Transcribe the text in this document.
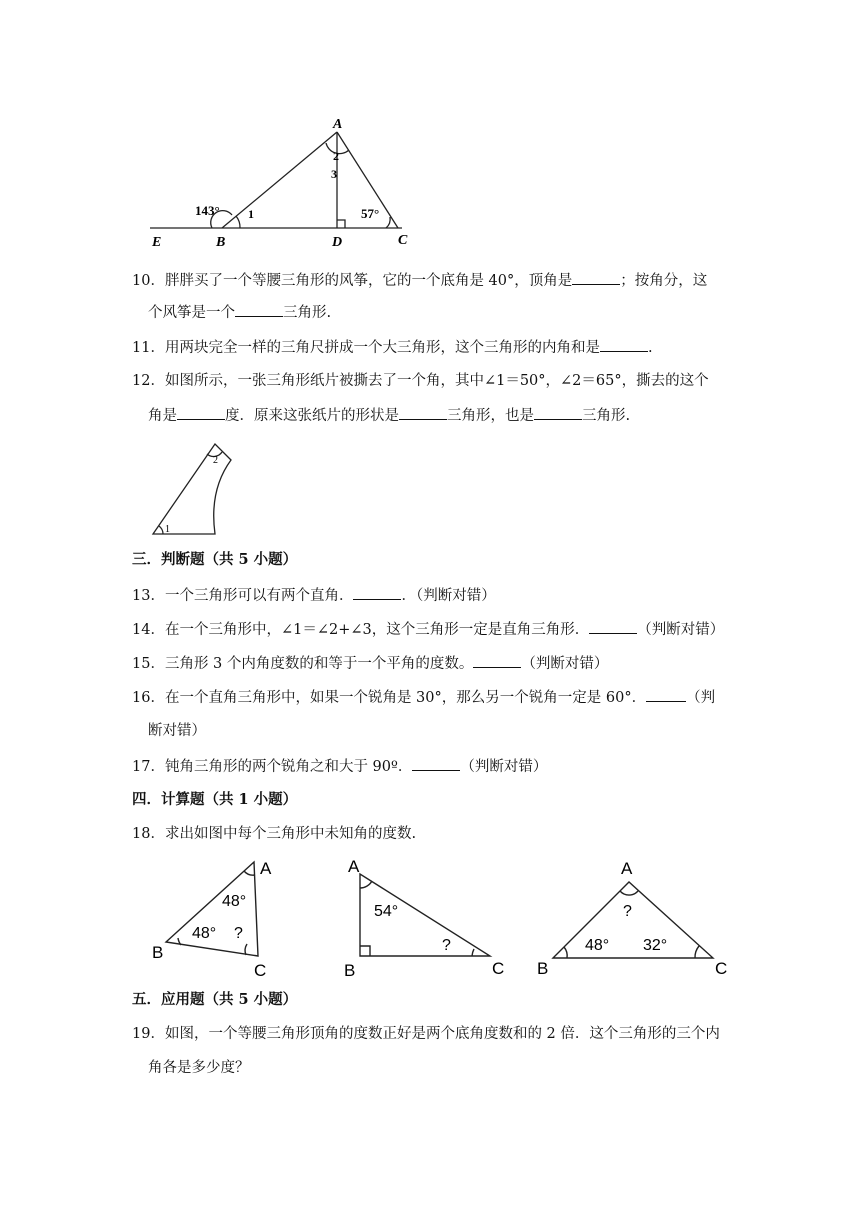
A
2
3
1
143°	57°
E	B	D	C
10．胖胖买了一个等腰三角形的风筝，它的一个底角是 40°，顶角是	；按角分，这
个风筝是一个	三角形.
11．用两块完全一样的三角尺拼成一个大三角形，这个三角形的内角和是	.
12．如图所示，一张三角形纸片被撕去了一个角，其中∠1＝50°，∠2＝65°，撕去的这个
角是	度．原来这张纸片的形状是	三角形，也是	三角形.
1
2
三．判断题（共 5 小题）
13．一个三角形可以有两个直角．	．（判断对错）
14．在一个三角形中，∠1＝∠2+∠3，这个三角形一定是直角三角形．	（判断对错）
15．三角形 3 个内角度数的和等于一个平角的度数。	（判断对错）
16．在一个直角三角形中，如果一个锐角是 30°，那么另一个锐角一定是 60°．	（判
断对错）
17．钝角三角形的两个锐角之和大于 90º．	（判断对错）
四．计算题（共 1 小题）
18．求出如图中每个三角形中未知角的度数.
A
B
C
48°
48° ?
A
B	C
54°
?
A
B	C
?
48° 32°
五．应用题（共 5 小题）
19．如图，一个等腰三角形顶角的度数正好是两个底角度数和的 2 倍．这个三角形的三个内
角各是多少度？
